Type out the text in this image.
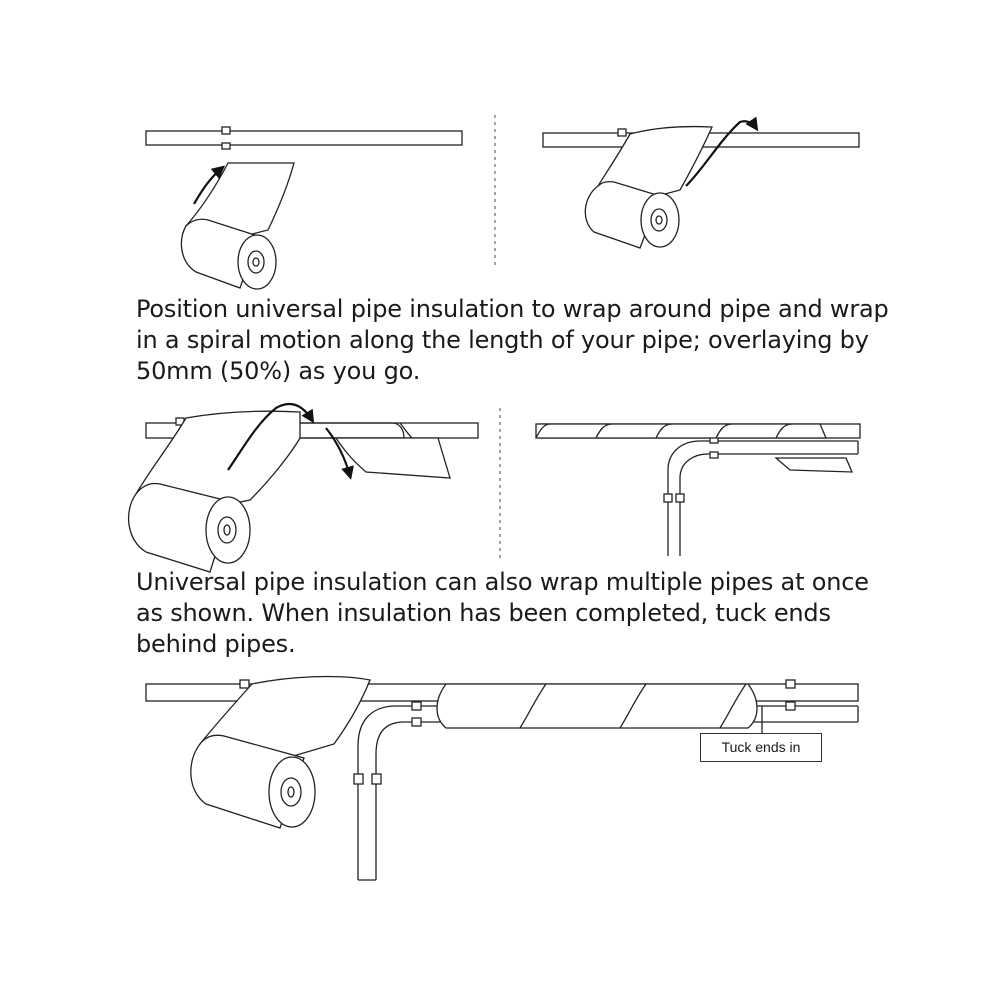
Position universal pipe insulation to wrap around pipe and wrap in a spiral motion along the length of your pipe; overlaying by 50mm (50%) as you go.

Universal pipe insulation can also wrap multiple pipes at once as shown. When insulation has been completed, tuck ends behind pipes.

Tuck ends in
